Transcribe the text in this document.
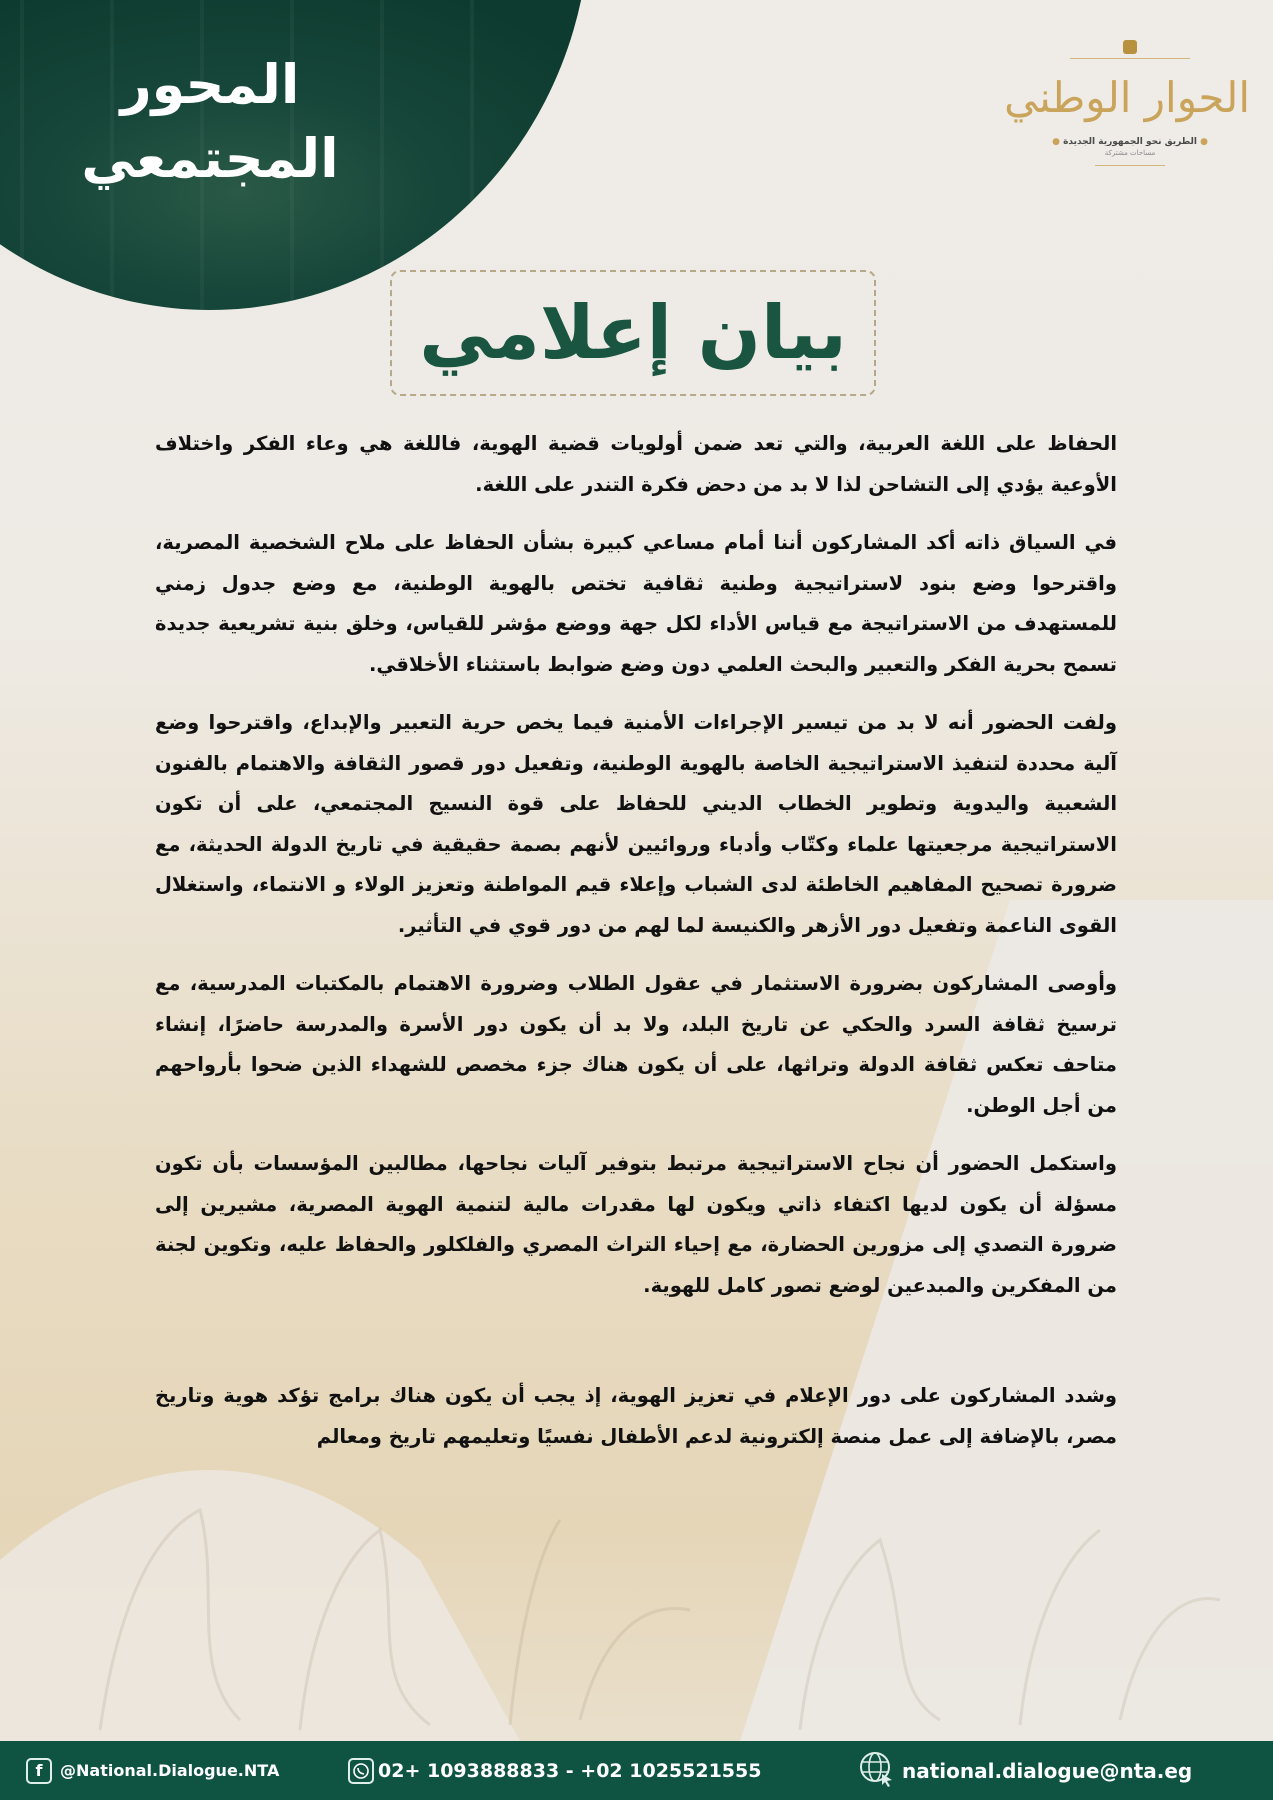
المحور
المجتمعي
الحوار الوطني
● الطريق نحو الجمهورية الجديدة ●
مساحات مشتركة
بيان إعلامي

الحفاظ على اللغة العربية، والتي تعد ضمن أولويات قضية الهوية، فاللغة هي وعاء الفكر واختلاف الأوعية يؤدي إلى التشاحن لذا لا بد من دحض فكرة التندر على اللغة.

في السياق ذاته أكد المشاركون أننا أمام مساعي كبيرة بشأن الحفاظ على ملاح الشخصية المصرية، واقترحوا وضع بنود لاستراتيجية وطنية ثقافية تختص بالهوية الوطنية، مع وضع جدول زمني للمستهدف من الاستراتيجة مع قياس الأداء لكل جهة ووضع مؤشر للقياس، وخلق بنية تشريعية جديدة تسمح بحرية الفكر والتعبير والبحث العلمي دون وضع ضوابط باستثناء الأخلاقي.

ولفت الحضور أنه لا بد من تيسير الإجراءات الأمنية فيما يخص حرية التعبير والإبداع، واقترحوا وضع آلية محددة لتنفيذ الاستراتيجية الخاصة بالهوية الوطنية، وتفعيل دور قصور الثقافة والاهتمام بالفنون الشعبية واليدوية وتطوير الخطاب الديني للحفاظ على قوة النسيج المجتمعي، على أن تكون الاستراتيجية مرجعيتها علماء وكتّاب وأدباء وروائيين لأنهم بصمة حقيقية في تاريخ الدولة الحديثة، مع ضرورة تصحيح المفاهيم الخاطئة لدى الشباب وإعلاء قيم المواطنة وتعزيز الولاء و الانتماء، واستغلال القوى الناعمة وتفعيل دور الأزهر والكنيسة لما لهم من دور قوي في التأثير.

وأوصى المشاركون بضرورة الاستثمار في عقول الطلاب وضرورة الاهتمام بالمكتبات المدرسية، مع ترسيخ ثقافة السرد والحكي عن تاريخ البلد، ولا بد أن يكون دور الأسرة والمدرسة حاضرًا، إنشاء متاحف تعكس ثقافة الدولة وتراثها، على أن يكون هناك جزء مخصص للشهداء الذين ضحوا بأرواحهم من أجل الوطن.

واستكمل الحضور أن نجاح الاستراتيجية مرتبط بتوفير آليات نجاحها، مطالبين المؤسسات بأن تكون مسؤلة أن يكون لديها اكتفاء ذاتي ويكون لها مقدرات مالية لتنمية الهوية المصرية، مشيرين إلى ضرورة التصدي إلى مزورين الحضارة، مع إحياء التراث المصري والفلكلور والحفاظ عليه، وتكوين لجنة من المفكرين والمبدعين لوضع تصور كامل للهوية.

وشدد المشاركون على دور الإعلام في تعزيز الهوية، إذ يجب أن يكون هناك برامج تؤكد هوية وتاريخ مصر، بالإضافة إلى عمل منصة إلكترونية لدعم الأطفال نفسيًا وتعليمهم تاريخ ومعالم

f	@National.Dialogue.NTA	02+ 1093888833 - +02 1025521555	national.dialogue@nta.eg
